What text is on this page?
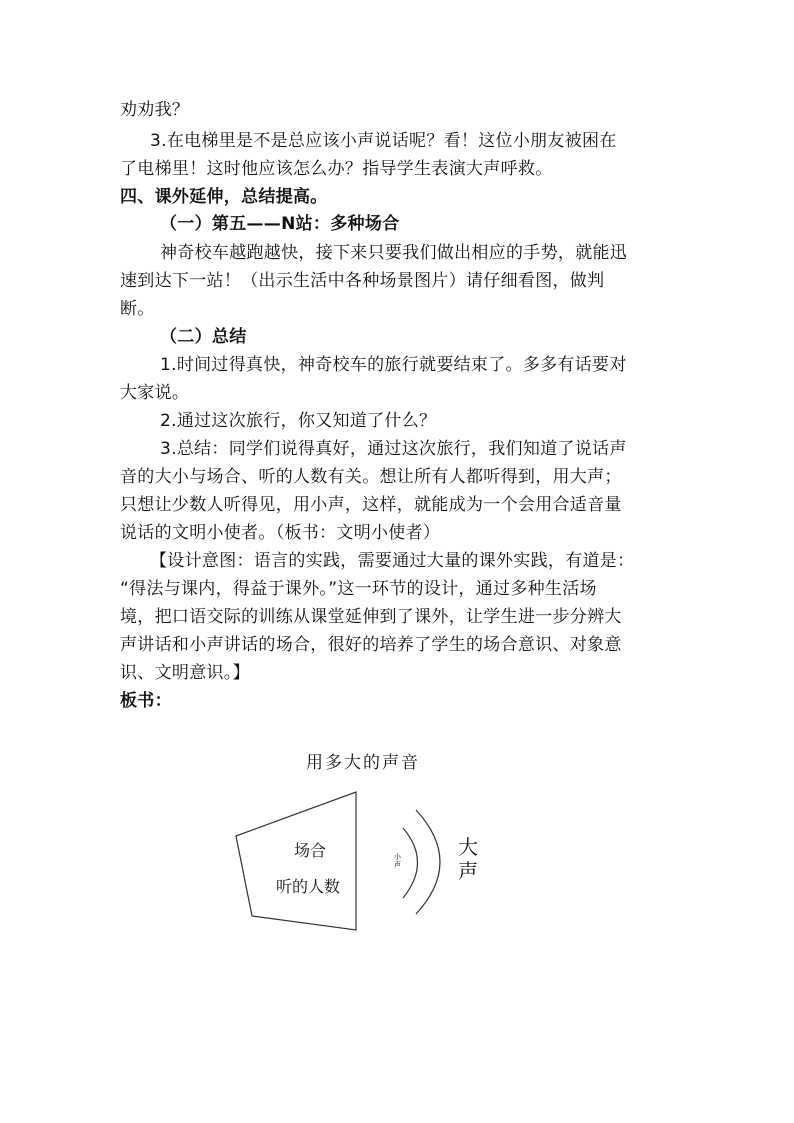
劝劝我？
3.在电梯里是不是总应该小声说话呢？看！这位小朋友被困在
了电梯里！这时他应该怎么办？指导学生表演大声呼救。
四、课外延伸，总结提高。
（一）第五——N站：多种场合
神奇校车越跑越快，接下来只要我们做出相应的手势，就能迅
速到达下一站！（出示生活中各种场景图片）请仔细看图，做判
断。
（二）总结
1.时间过得真快，神奇校车的旅行就要结束了。多多有话要对
大家说。
2.通过这次旅行，你又知道了什么？
3.总结：同学们说得真好，通过这次旅行，我们知道了说话声
音的大小与场合、听的人数有关。想让所有人都听得到，用大声；
只想让少数人听得见，用小声，这样，就能成为一个会用合适音量
说话的文明小使者。（板书：文明小使者）
【设计意图：语言的实践，需要通过大量的课外实践，有道是：
“得法与课内，得益于课外。”这一环节的设计，通过多种生活场
境，把口语交际的训练从课堂延伸到了课外，让学生进一步分辨大
声讲话和小声讲话的场合，很好的培养了学生的场合意识、对象意
识、文明意识。】
板书：
用多大的声音
场合
听的人数
小声
大声
